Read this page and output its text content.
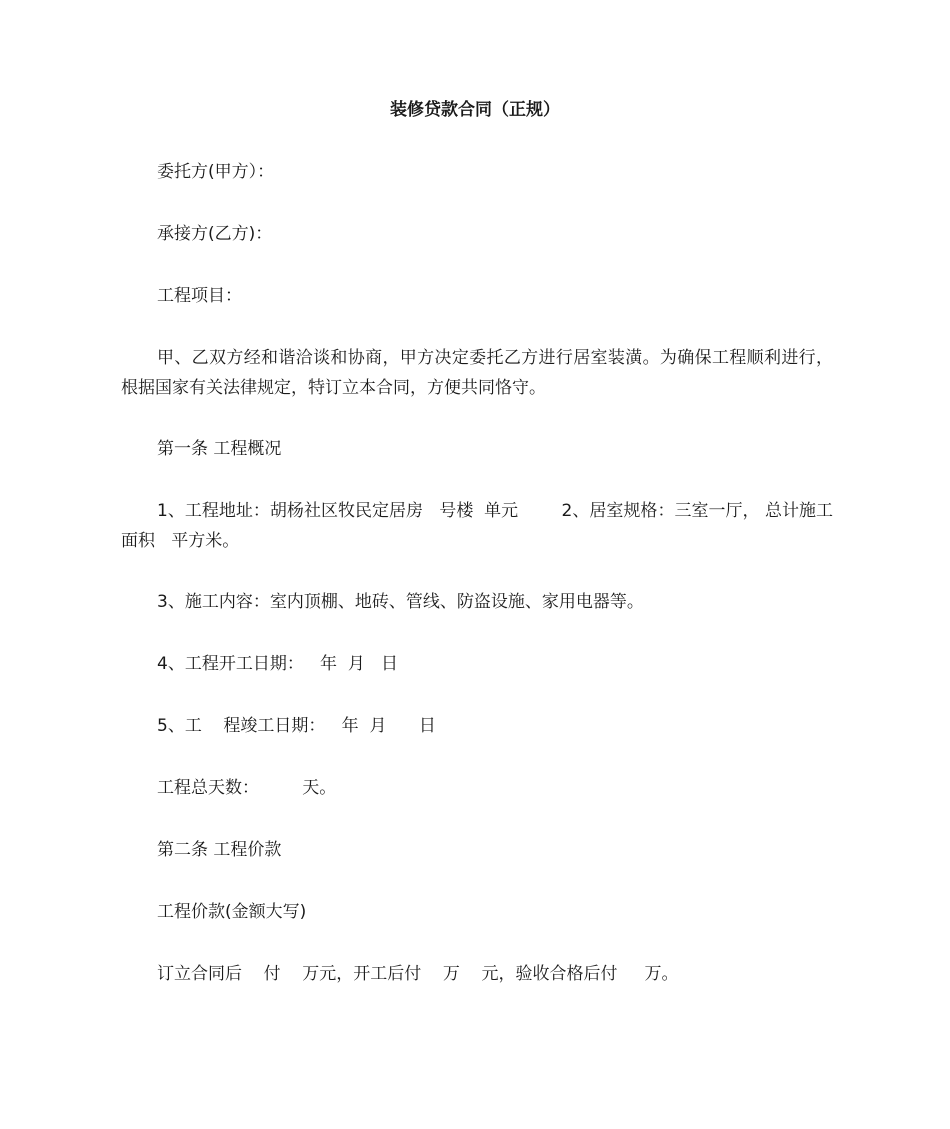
装修贷款合同（正规）
委托方(甲方）：
承接方(乙方)：
工程项目：
甲、乙双方经和谐洽谈和协商，甲方决定委托乙方进行居室装潢。为确保工程顺利进行，根据国家有关法律规定，特订立本合同，方便共同恪守。
第一条 工程概况
1、工程地址：胡杨社区牧民定居房   号楼  单元        2、居室规格：三室一厅， 总计施工面积   平方米。
3、施工内容：室内顶棚、地砖、管线、防盗设施、家用电器等。
4、工程开工日期：   年  月   日
5、工    程竣工日期：   年  月      日
工程总天数：        天。
第二条 工程价款
工程价款(金额大写)
订立合同后    付    万元，开工后付    万    元，验收合格后付     万。
